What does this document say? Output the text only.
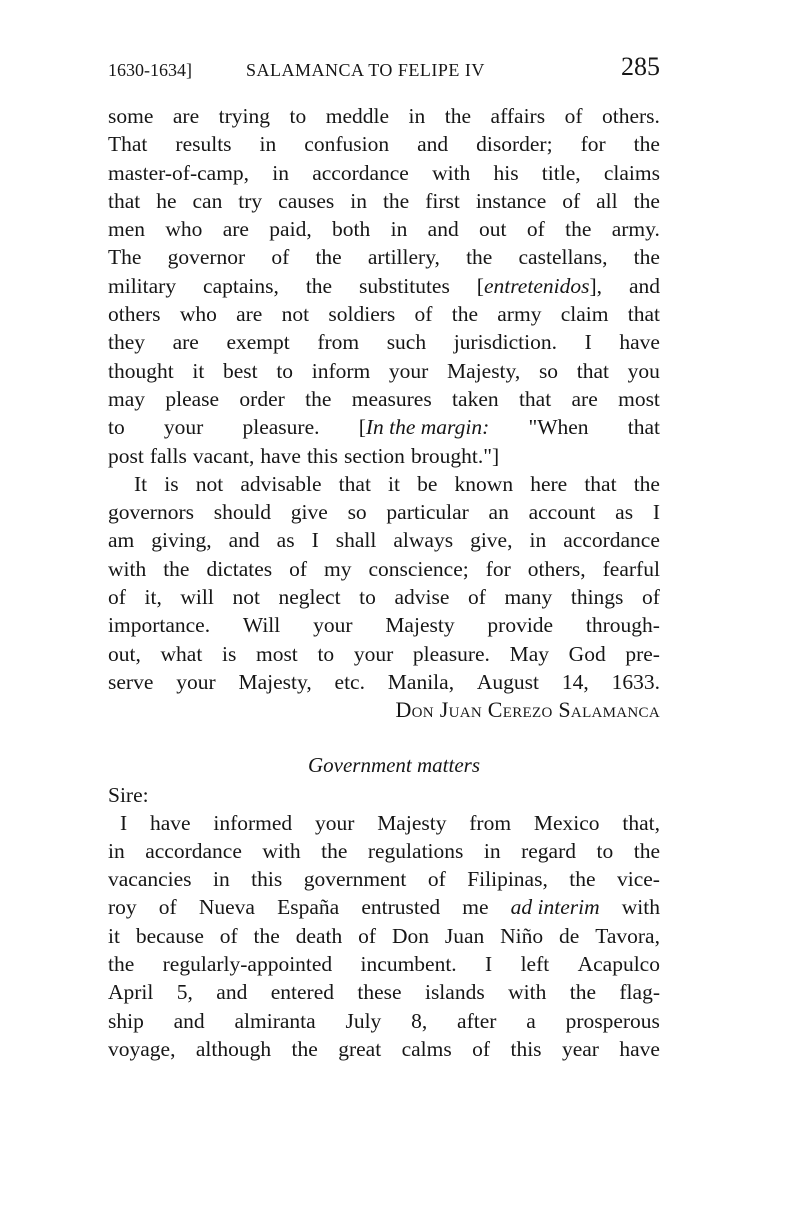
1630-1634]	SALAMANCA TO FELIPE IV	285
some are trying to meddle in the affairs of others.
That results in confusion and disorder; for the
master-of-camp, in accordance with his title, claims
that he can try causes in the first instance of all the
men who are paid, both in and out of the army.
The governor of the artillery, the castellans, the
military captains, the substitutes [entretenidos], and
others who are not soldiers of the army claim that
they are exempt from such jurisdiction. I have
thought it best to inform your Majesty, so that you
may please order the measures taken that are most
to your pleasure. [In the margin: "When that
post falls vacant, have this section brought."]
It is not advisable that it be known here that the
governors should give so particular an account as I
am giving, and as I shall always give, in accordance
with the dictates of my conscience; for others, fearful
of it, will not neglect to advise of many things of
importance. Will your Majesty provide through-
out, what is most to your pleasure. May God pre-
serve your Majesty, etc. Manila, August 14, 1633.
Don Juan Cerezo Salamanca
Government matters
Sire:
I have informed your Majesty from Mexico that,
in accordance with the regulations in regard to the
vacancies in this government of Filipinas, the vice-
roy of Nueva España entrusted me ad interim with
it because of the death of Don Juan Niño de Tavora,
the regularly-appointed incumbent. I left Acapulco
April 5, and entered these islands with the flag-
ship and almiranta July 8, after a prosperous
voyage, although the great calms of this year have
